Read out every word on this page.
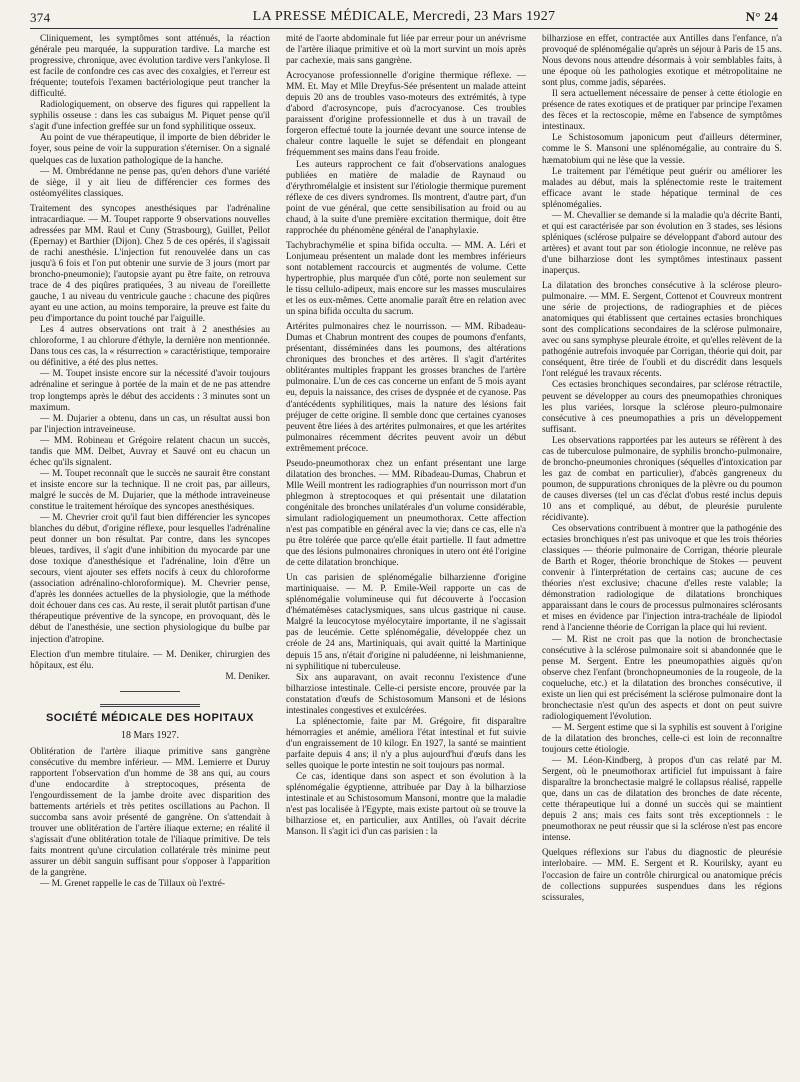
374	LA PRESSE MÉDICALE, Mercredi, 23 Mars 1927	N° 24

Cliniquement, les symptômes sont atténués, la réaction générale peu marquée, la suppuration tardive. La marche est progressive, chronique, avec évolution tardive vers l'ankylose. Il est facile de confondre ces cas avec des coxalgies, et l'erreur est fréquente; toutefois l'examen bactériologique peut trancher la difficulté.

Radiologiquement, on observe des figures qui rappellent la syphilis osseuse : dans les cas subaigus M. Piquet pense qu'il s'agit d'une infection greffée sur un fond syphilitique osseux.

Au point de vue thérapeutique, il importe de bien débrider le foyer, sous peine de voir la suppuration s'éterniser. On a signalé quelques cas de luxation pathologique de la hanche.

— M. Ombrédanne ne pense pas, qu'en dehors d'une variété de siège, il y ait lieu de différencier ces formes des ostéomyélites classiques.

Traitement des syncopes anesthésiques par l'adrénaline intracardiaque. — M. Toupet rapporte 9 observations nouvelles adressées par MM. Raul et Cuny (Strasbourg), Guillet, Pellot (Epernay) et Barthier (Dijon). Chez 5 de ces opérés, il s'agissait de rachi anesthésie. L'injection fut renouvelée dans un cas jusqu'à 6 fois et l'on put obtenir une survie de 3 jours (mort par broncho-pneumonie); l'autopsie ayant pu être faite, on retrouva trace de 4 des piqûres pratiquées, 3 au niveau de l'oreillette gauche, 1 au niveau du ventricule gauche : chacune des piqûres ayant eu une action, au moins temporaire, la preuve est faite du peu d'importance du point touché par l'aiguille.

Les 4 autres observations ont trait à 2 anesthésies au chloroforme, 1 au chlorure d'éthyle, la dernière non mentionnée. Dans tous ces cas, la « résurrection » caractéristique, temporaire ou définitive, a été des plus nettes.

— M. Toupet insiste encore sur la nécessité d'avoir toujours adrénaline et seringue à portée de la main et de ne pas attendre trop longtemps après le début des accidents : 3 minutes sont un maximum.

— M. Dujarier a obtenu, dans un cas, un résultat aussi bon par l'injection intraveineuse.

— MM. Robineau et Grégoire relatent chacun un succès, tandis que MM. Delbet, Auvray et Sauvé ont eu chacun un échec qu'ils signalent.

— M. Toupet reconnaît que le succès ne saurait être constant et insiste encore sur la technique. Il ne croit pas, par ailleurs, malgré le succès de M. Dujarier, que la méthode intraveineuse constitue le traitement héroïque des syncopes anesthésiques.

— M. Chevrier croit qu'il faut bien différencier les syncopes blanches du début, d'origine réflexe, pour lesquelles l'adrénaline peut donner un bon résultat. Par contre, dans les syncopes bleues, tardives, il s'agit d'une inhibition du myocarde par une dose toxique d'anesthésique et l'adrénaline, loin d'être un secours, vient ajouter ses effets nocifs à ceux du chloroforme (association adrénalino-chloroformique). M. Chevrier pense, d'après les données actuelles de la physiologie, que la méthode doit échouer dans ces cas. Au reste, il serait plutôt partisan d'une thérapeutique préventive de la syncope, en provoquant, dès le début de l'anesthésie, une section physiologique du bulbe par injection d'atropine.

Election d'un membre titulaire. — M. Deniker, chirurgien des hôpitaux, est élu.

M. Deniker.

SOCIÉTÉ MÉDICALE DES HOPITAUX
18 Mars 1927.

Oblitération de l'artère iliaque primitive sans gangrène consécutive du membre inférieur. — MM. Lemierre et Duruy rapportent l'observation d'un homme de 38 ans qui, au cours d'une endocardite à streptocoques, présenta de l'engourdissement de la jambe droite avec disparition des battements artériels et très petites oscillations au Pachon. Il succomba sans avoir présenté de gangrène. On s'attendait à trouver une oblitération de l'artère iliaque externe; en réalité il s'agissait d'une oblitération totale de l'iliaque primitive. De tels faits montrent qu'une circulation collatérale très minime peut assurer un débit sanguin suffisant pour s'opposer à l'apparition de la gangrène.

— M. Grenet rappelle le cas de Tillaux où l'extré-

mité de l'aorte abdominale fut liée par erreur pour un anévrisme de l'artère iliaque primitive et où la mort survint un mois après par cachexie, mais sans gangrène.

Acrocyanose professionnelle d'origine thermique réflexe. — MM. Et. May et Mlle Dreyfus-Sée présentent un malade atteint depuis 20 ans de troubles vaso-moteurs des extrémités, à type d'abord d'acrosyncope, puis d'acrocyanose. Ces troubles paraissent d'origine professionnelle et dus à un travail de forgeron effectué toute la journée devant une source intense de chaleur contre laquelle le sujet se défendait en plongeant fréquemment ses mains dans l'eau froide.

Les auteurs rapprochent ce fait d'observations analogues publiées en matière de maladie de Raynaud ou d'érythromélalgie et insistent sur l'étiologie thermique purement réflexe de ces divers syndromes. Ils montrent, d'autre part, d'un point de vue général, que cette sensibilisation au froid ou au chaud, à la suite d'une première excitation thermique, doit être rapprochée du phénomène général de l'anaphylaxie.

Tachybrachymélie et spina bifida occulta. — MM. A. Léri et Lonjumeau présentent un malade dont les membres inférieurs sont notablement raccourcis et augmentés de volume. Cette hypertrophie, plus marquée d'un côté, porte non seulement sur le tissu cellulo-adipeux, mais encore sur les masses musculaires et les os eux-mêmes. Cette anomalie paraît être en relation avec un spina bifida occulta du sacrum.

Artérites pulmonaires chez le nourrisson. — MM. Ribadeau-Dumas et Chabrun montrent des coupes de poumons d'enfants, présentant, disséminées dans les poumons, des altérations chroniques des bronches et des artères. Il s'agit d'artérites oblitérantes multiples frappant les grosses branches de l'artère pulmonaire. L'un de ces cas concerne un enfant de 5 mois ayant eu, depuis la naissance, des crises de dyspnée et de cyanose. Pas d'antécédents syphilitiques, mais la nature des lésions fait préjuger de cette origine. Il semble donc que certaines cyanoses peuvent être liées à des artérites pulmonaires, et que les artérites pulmonaires récemment décrites peuvent avoir un début extrêmement précoce.

Pseudo-pneumothorax chez un enfant présentant une large dilatation des bronches. — MM. Ribadeau-Dumas, Chabrun et Mlle Weill montrent les radiographies d'un nourrisson mort d'un phlegmon à streptocoques et qui présentait une dilatation congénitale des bronches unilatérales d'un volume considérable, simulant radiologiquement un pneumothorax. Cette affection n'est pas compatible en général avec la vie; dans ce cas, elle n'a pu être tolérée que parce qu'elle était partielle. Il faut admettre que des lésions pulmonaires chroniques in utero ont été l'origine de cette dilatation bronchique.

Un cas parisien de splénomégalie bilharzienne d'origine martiniquaise. — M. P. Emile-Weil rapporte un cas de splénomégalie volumineuse qui fut découverte à l'occasion d'hématémèses cataclysmiques, sans ulcus gastrique ni cause. Malgré la leucocytose myélocytaire importante, il ne s'agissait pas de leucémie. Cette splénomégalie, développée chez un créole de 24 ans, Martiniquais, qui avait quitté la Martinique depuis 15 ans, n'était d'origine ni paludéenne, ni leishmanienne, ni syphilitique ni tuberculeuse.

Six ans auparavant, on avait reconnu l'existence d'une bilharziose intestinale. Celle-ci persiste encore, prouvée par la constatation d'œufs de Schistosomum Mansoni et de lésions intestinales congestives et exulcérées.

La splénectomie, faite par M. Grégoire, fit disparaître hémorragies et anémie, améliora l'état intestinal et fut suivie d'un engraissement de 10 kilogr. En 1927, la santé se maintient parfaite depuis 4 ans; il n'y a plus aujourd'hui d'œufs dans les selles quoique le porte intestin ne soit toujours pas normal.

Ce cas, identique dans son aspect et son évolution à la splénomégalie égyptienne, attribuée par Day à la bilharziose intestinale et au Schistosomum Mansoni, montre que la maladie n'est pas localisée à l'Egypte, mais existe partout où se trouve la bilharziose et, en particulier, aux Antilles, où l'avait décrite Manson. Il s'agit ici d'un cas parisien : la

bilharziose en effet, contractée aux Antilles dans l'enfance, n'a provoqué de splénomégalie qu'après un séjour à Paris de 15 ans. Nous devons nous attendre désormais à voir semblables faits, à une époque où les pathologies exotique et métropolitaine ne sont plus, comme jadis, séparées.

Il sera actuellement nécessaire de penser à cette étiologie en présence de rates exotiques et de pratiquer par principe l'examen des fèces et la rectoscopie, même en l'absence de symptômes intestinaux.

Le Schistosomum japonicum peut d'ailleurs déterminer, comme le S. Mansoni une splénomégalie, au contraire du S. hæmatobium qui ne lèse que la vessie.

Le traitement par l'émétique peut guérir ou améliorer les malades au début, mais la splénectomie reste le traitement efficace avant le stade hépatique terminal de ces splénomégalies.

— M. Chevallier se demande si la maladie qu'a décrite Banti, et qui est caractérisée par son évolution en 3 stades, ses lésions spléniques (sclérose pulpaire se développant d'abord autour des artères) et avant tout par son étiologie inconnue, ne relève pas d'une bilharziose dont les symptômes intestinaux passent inaperçus.

La dilatation des bronches consécutive à la sclérose pleuro-pulmonaire. — MM. E. Sergent, Cottenot et Couvreux montrent une série de projections, de radiographies et de pièces anatomiques qui établissent que certaines ectasies bronchiques sont des complications secondaires de la sclérose pulmonaire, avec ou sans symphyse pleurale étroite, et qu'elles relèvent de la pathogénie autrefois invoquée par Corrigan, théorie qui doit, par conséquent, être tirée de l'oubli et du discrédit dans lesquels l'ont relégué les travaux récents.

Ces ectasies bronchiques secondaires, par sclérose rétractile, peuvent se développer au cours des pneumopathies chroniques les plus variées, lorsque la sclérose pleuro-pulmonaire consécutive à ces pneumopathies a pris un développement suffisant.

Les observations rapportées par les auteurs se réfèrent à des cas de tuberculose pulmonaire, de syphilis broncho-pulmonaire, de broncho-pneumonies chroniques (séquelles d'intoxication par les gaz de combat en particulier), d'abcès gangreneux du poumon, de suppurations chroniques de la plèvre ou du poumon de causes diverses (tel un cas d'éclat d'obus resté inclus depuis 10 ans et compliqué, au début, de pleurésie purulente récidivante).

Ces observations contribuent à montrer que la pathogénie des ectasies bronchiques n'est pas univoque et que les trois théories classiques — théorie pulmonaire de Corrigan, théorie pleurale de Barth et Roger, théorie bronchique de Stokes — peuvent convenir à l'interprétation de certains cas; aucune de ces théories n'est exclusive; chacune d'elles reste valable; la démonstration radiologique de dilatations bronchiques apparaissant dans le cours de processus pulmonaires sclérosants et mises en évidence par l'injection intra-trachéale de lipiodol rend à l'ancienne théorie de Corrigan la place qui lui revient.

— M. Rist ne croit pas que la notion de bronchectasie consécutive à la sclérose pulmonaire soit si abandonnée que le pense M. Sergent. Entre les pneumopathies aiguës qu'on observe chez l'enfant (bronchopneumonies de la rougeole, de la coqueluche, etc.) et la dilatation des bronches consécutive, il existe un lien qui est précisément la sclérose pulmonaire dont la bronchectasie n'est qu'un des aspects et dont on peut suivre radiologiquement l'évolution.

— M. Sergent estime que si la syphilis est souvent à l'origine de la dilatation des bronches, celle-ci est loin de reconnaître toujours cette étiologie.

— M. Léon-Kindberg, à propos d'un cas relaté par M. Sergent, où le pneumothorax artificiel fut impuissant à faire disparaître la bronchectasie malgré le collapsus réalisé, rappelle que, dans un cas de dilatation des bronches de date récente, cette thérapeutique lui a donné un succès qui se maintient depuis 2 ans; mais ces faits sont très exceptionnels : le pneumothorax ne peut réussir que si la sclérose n'est pas encore intense.

Quelques réflexions sur l'abus du diagnostic de pleurésie interlobaire. — MM. E. Sergent et R. Kourilsky, ayant eu l'occasion de faire un contrôle chirurgical ou anatomique précis de collections suppurées suspendues dans les régions scissurales,
